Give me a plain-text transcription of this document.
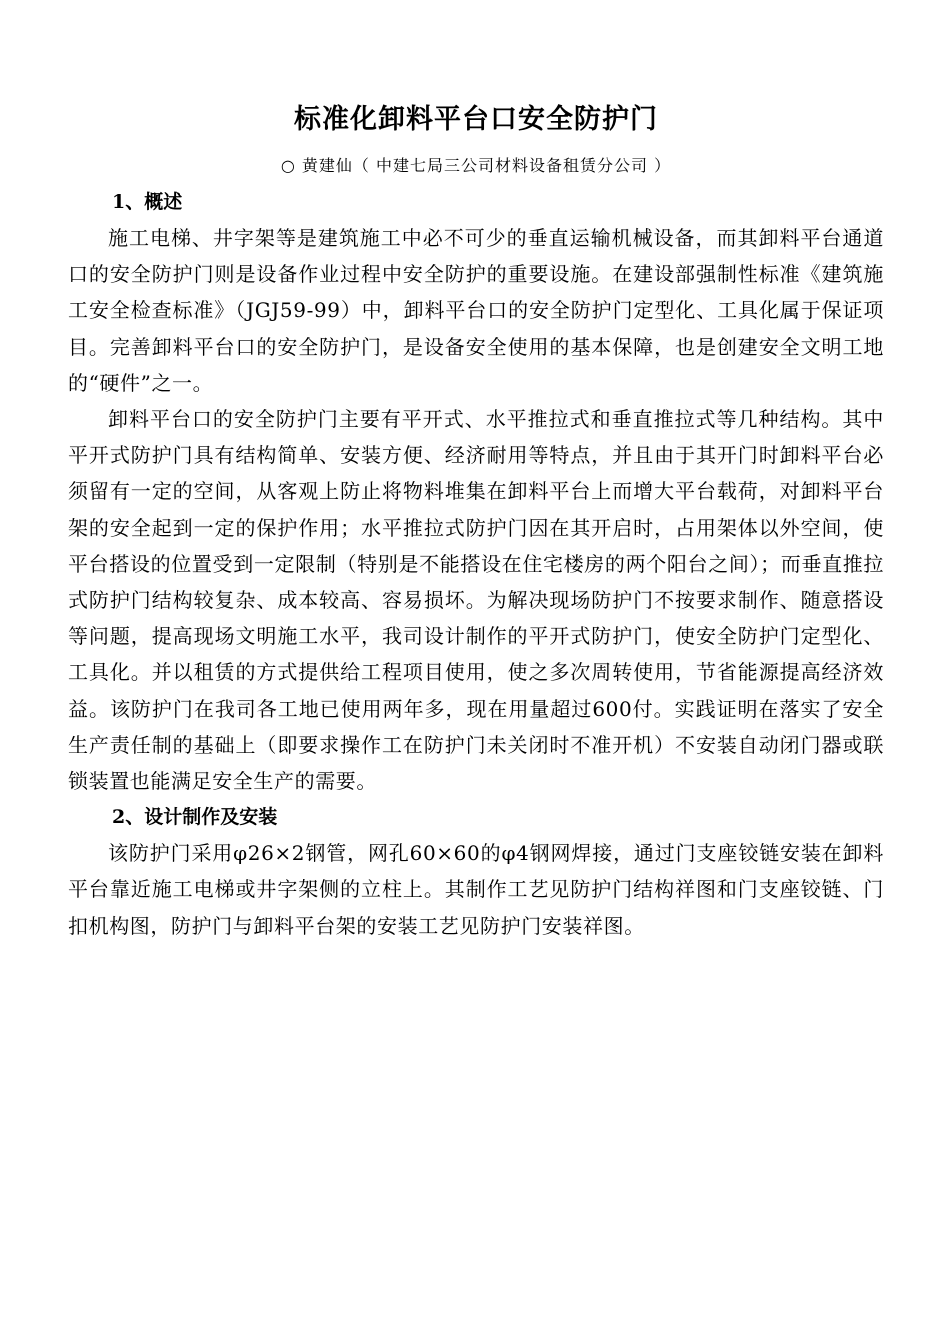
标准化卸料平台口安全防护门

○ 黄建仙（ 中建七局三公司材料设备租赁分公司 ）

1、概述

施工电梯、井字架等是建筑施工中必不可少的垂直运输机械设备，而其卸料平台通道口的安全防护门则是设备作业过程中安全防护的重要设施。在建设部强制性标准《建筑施工安全检查标准》（JGJ59-99）中，卸料平台口的安全防护门定型化、工具化属于保证项目。完善卸料平台口的安全防护门，是设备安全使用的基本保障，也是创建安全文明工地的“硬件”之一。

卸料平台口的安全防护门主要有平开式、水平推拉式和垂直推拉式等几种结构。其中平开式防护门具有结构简单、安装方便、经济耐用等特点，并且由于其开门时卸料平台必须留有一定的空间，从客观上防止将物料堆集在卸料平台上而增大平台载荷，对卸料平台架的安全起到一定的保护作用；水平推拉式防护门因在其开启时，占用架体以外空间，使平台搭设的位置受到一定限制（特别是不能搭设在住宅楼房的两个阳台之间）；而垂直推拉式防护门结构较复杂、成本较高、容易损坏。为解决现场防护门不按要求制作、随意搭设等问题，提高现场文明施工水平，我司设计制作的平开式防护门，使安全防护门定型化、工具化。并以租赁的方式提供给工程项目使用，使之多次周转使用，节省能源提高经济效益。该防护门在我司各工地已使用两年多，现在用量超过600付。实践证明在落实了安全生产责任制的基础上（即要求操作工在防护门未关闭时不准开机）不安装自动闭门器或联锁装置也能满足安全生产的需要。

2、设计制作及安装

该防护门采用φ26×2钢管，网孔60×60的φ4钢网焊接，通过门支座铰链安装在卸料平台靠近施工电梯或井字架侧的立柱上。其制作工艺见防护门结构祥图和门支座铰链、门扣机构图，防护门与卸料平台架的安装工艺见防护门安装祥图。
